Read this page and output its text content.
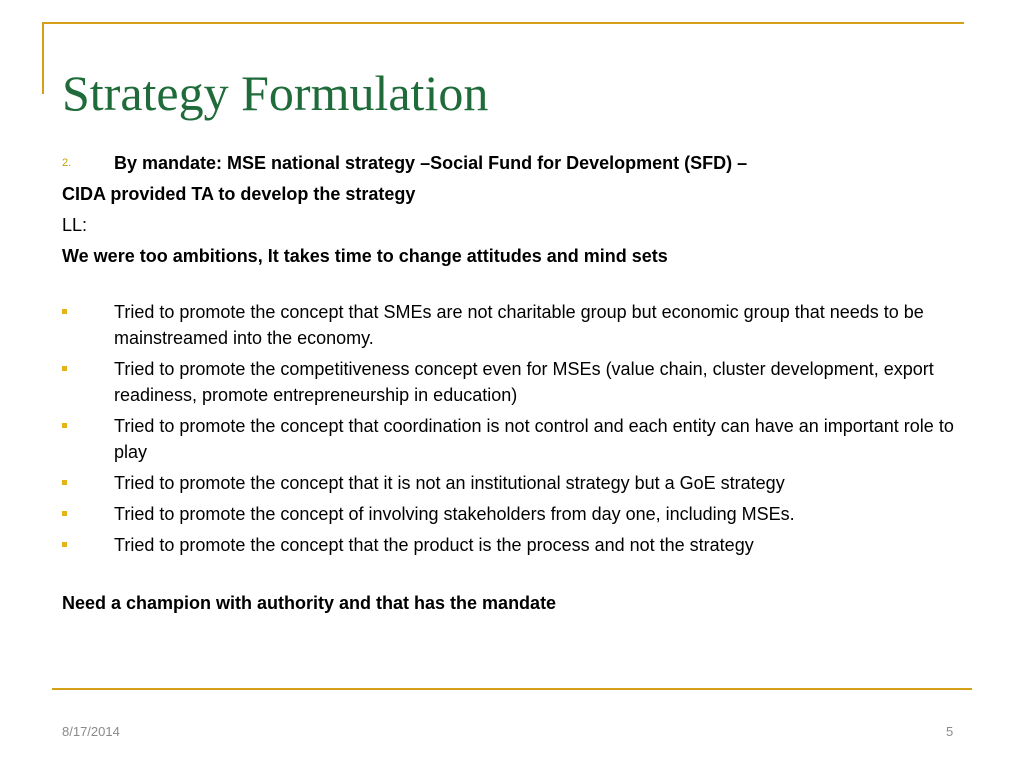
Strategy Formulation
2. By mandate: MSE national strategy –Social Fund for Development (SFD) –
CIDA provided TA to develop the strategy
LL:
We were too ambitions, It takes time to change attitudes and mind sets
Tried to promote the concept that SMEs are not charitable group but economic group that needs to be mainstreamed into the economy.
Tried to promote the competitiveness concept even for MSEs (value chain, cluster development, export readiness, promote entrepreneurship in education)
Tried to promote the concept that coordination is not control and each entity can have an important role to play
Tried to promote the concept that it is not an institutional strategy but a GoE strategy
Tried to promote the concept of involving stakeholders from day one, including MSEs.
Tried to promote the concept that the product is the process and not the strategy
Need a champion with authority and that has the mandate
8/17/2014	5
